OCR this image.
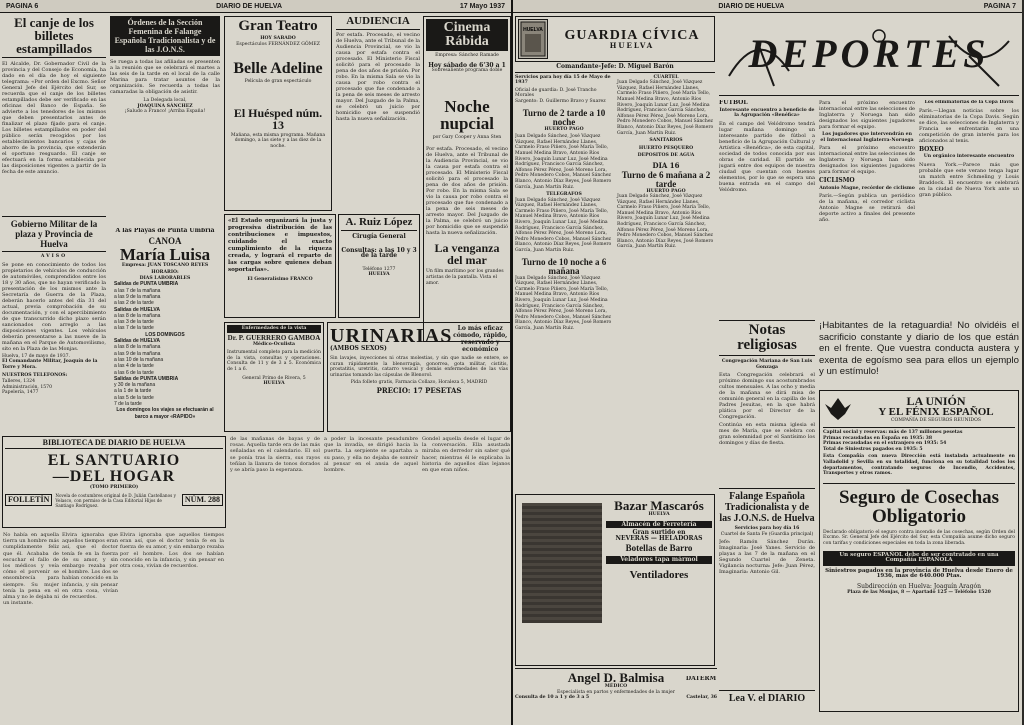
PAGINA 6	DIARIO DE HUELVA	17 Mayo 1937
El canje de los billetes estampillados
El Alcalde, Dr. Gobernador Civil de la provincia y del Consejo de Economía, ha dado en el día de hoy el siguiente telegrama: «Por orden del Excmo. Señor General Jefe del Ejército del Sur, se recuerda que el canje de los billetes estampillados debe ser verificado en las oficinas del Banco de España. Se advierte a los tenedores de los mismos que deben presentarlos antes de finalizar el plazo fijado para el canje. Los billetes estampillados en poder del público serán recogidos por los establecimientos bancarios y cajas de ahorro de la provincia, que extenderán el oportuno resguardo. El canje se efectuará en la forma establecida por las disposiciones vigentes a partir de la fecha de este anuncio.
Órdenes de la Sección Femenina de Falange Española Tradicionalista y de las J.O.N.S.
Se ruega a todas las afiliadas se presenten a la reunión que se celebrará el martes a las seis de la tarde en el local de la calle Marina para tratar asuntos de la organización. Se recuerda a todas las camaradas la obligación de asistir.
La Delegada local,
JOAQUINA SÁNCHEZ
¡Saludo a Franco! ¡Arriba España!
Gran Teatro
HOY SABADO
Espectáculos FERNÁNDEZ GÓMEZ
Belle Adeline
Película de gran espectáculo
El Huésped núm. 13
Mañana, esta misma programa. Mañana domingo, a las siete y a las diez de la noche.
AUDIENCIA
Por estafa. Procesado, el vecino de Huelva, ante el Tribunal de la Audiencia Provincial, se vio la causa por estafa contra el procesado. El Ministerio Fiscal solicitó para el procesado la pena de dos años de prisión. Por robo. En la misma Sala se vio la causa por robo contra el procesado que fue condenado a la pena de seis meses de arresto mayor. Del Juzgado de la Palma, se celebró un juicio por homicidio que se suspendió hasta la nueva señalización.
Cinema Rábida
Empresa: Sánchez Ramade
Hoy sábado de 6'30 a 1
Sobresaliente programa doble
Noche nupcial
por Gary Cooper y Anna Sten
Por estafa. Procesado, el vecino de Huelva, ante el Tribunal de la Audiencia Provincial, se vio la causa por estafa contra el procesado. El Ministerio Fiscal solicitó para el procesado la pena de dos años de prisión. Por robo. En la misma Sala se vio la causa por robo contra el procesado que fue condenado a la pena de seis meses de arresto mayor. Del Juzgado de la Palma, se celebró un juicio por homicidio que se suspendió hasta la nueva señalización.
La venganza del mar
Un film marítimo por los grandes artistas de la pantalla. Vista el amor.
A las Playas de Punta Umbría
CANOA
María Luisa
Empresa: JUAN TOSCANO REYES
HORARIO:
DIAS LABORABLES
Salidas de PUNTA UMBRIA
a las 7 de la mañana
a las 9 de la mañana
a las 2 de la tarde
Salidas de HUELVA
a las 8 de la mañana
a las 3 de la tarde
a las 7 de la tarde
LOS DOMINGOS
Salidas de HUELVA
a las 8 de la mañana
a las 9 de la mañana
a las 10 de la mañana
a las 4 de la tarde
a las 6 de la tarde
Salidas de PUNTA UMBRIA
y 30 de la mañana
a la 1 de la tarde
a las 5 de la tarde
7 de la tarde
Los domingos los viajes se efectuarán al barco a mayor «RAPIDO»
Gobierno Militar de la plaza y Provincia de Huelva
AVISO
Se pone en conocimiento de todos los propietarios de vehículos de conducción de automóviles, comprendidos entre los 18 y 30 años, que no hayan verificado la presentación de los mismos ante la Secretaría de Guerra de la Plaza, deberán hacerlo antes del día 31 del actual, previa comprobación de su documentación, y con el apercibimiento de que transcurrido dicho plazo serán sancionados con arreglo a las disposiciones vigentes. Los vehículos deberán presentarse a las nueve de la mañana en el Parque de Automovilismo, sito en la Plaza de las Monjas.
Huelva, 17 de mayo de 1937.
El Comandante Militar, Joaquín de la Torre y Mora.
NUESTROS TELEFONOS:
Talleres, 1324
Administración, 1570
Papelería, 1477
«El Estado organizará la justa y progresiva distribución de las contribuciones e impuestos, cuidando el exacto cumplimiento de la riqueza creada, y logrará el reparto de las cargas sobre quienes deban soportarlas».
El Generalísimo FRANCO
A. Ruiz López
Cirugía General
Consultas: a las 10 y 3 de la tarde
Teléfono 1277
HUELVA
Enfermedades de la vista
Dr. P. GUERRERO GAMBOA
Médico-Oculista
Instrumental completo para la medición de la vista, consultas y operaciones. Consulta de 11 y de 3 a 5. Económica de 1 a 6.
General Primo de Rivera, 5
HUELVA
URINARIAS
(AMBOS SEXOS)
Lo más eficaz cómodo, rápido, reservado y económico
Sin lavajes, inyecciones ni otras molestias, y sin que nadie se entere, se curan rápidamente la blenorragia, gonorrea, gota militar, cistitis, prostatitis, uretritis, catarro vesical y demás enfermedades de las vías urinarias tomando las cápsulas de Blenorol.
Pida folleto gratis, Farmacia Collazo, Horaleza 5, MADRID
PRECIO: 17 PESETAS
BIBLIOTECA DE DIARIO DE HUELVA
EL SANTUARIO
—DEL HOGAR
(TOMO PRIMERO)
FOLLETÍN	Novela de costumbres original de D. Julián Castellanos y Velasco, con permiso de la Casa Editorial Hijos de Santiago Rodríguez.
NÚM. 288
No había en aquella tierra un hombre más cumplidamente feliz que él. Acababa de escuchar el fallo de los médicos y veía cómo el porvenir se ensombrecía para siempre. Su mujer tenía la pena en el alma y no le dejaba ni un instante.
Elvira ignoraba que aquellos tiempos eran así, que el doctor tenía fe en la fuerza de su amor, y sin embargo rezaba por el hombre. Los dos se habían conocido en la infancia, y sin pensar en otra cosa, vivían de recuerdos.
Elvira ignoraba que aquellos tiempos eran así, que el doctor tenía fe en la fuerza de su amor, y sin embargo rezaba por el hombre. Los dos se habían conocido en la infancia, y sin pensar en otra cosa, vivían de recuerdos.
de las mañanas de bayas y de rosas. Aquella tarde era de las más señaladas en el calendario. El sol se ponía tras la sierra, sus rayos teñían la llanura de tonos dorados y se abría paso la esperanza.
a poder la incesante pesadumbre que la invadía, se dirigió hacia la puerta. La serpiente se apartaba a su paso, y ella no dejaba de sonreír al pensar en el ansia de aquel hombre.
Gondel aquella desde el lugar de la conversación. Ella asustada miraba en derredor sin saber qué hacer, mientras él le explicaba la historia de aquellos días lejanos en que eran niños.
DIARIO DE HUELVA	PAGINA 7
HUELVA	GUARDIA CÍVICA
HUELVA
Comandante-Jefe: D. Miguel Barón
Servicios para hoy día 15 de Mayo de 1937
Oficial de guardia: D. José Trancho Morales
Sargento: D. Guillermo Bravo y Suarez
Turno de 2 tarde a 10 noche
HUERTO PAGO
Juan Delgado Sánchez, José Vázquez Vázquez, Rafael Hernández Llanes, Carmelo Fraso Piñero, José María Tello, Manuel Medina Bravo, Antonio Ríos Rivero, Joaquín Lunar Luz, José Medina Rodríguez, Francisco García Sánchez, Alfonso Pérez Pérez, José Moreno Lora, Pedro Monedero Cobos, Manuel Sánchez Blanco, Antonio Díaz Reyes, José Romero García, Juan Martín Ruiz.
TELEGRAFOS
Juan Delgado Sánchez, José Vázquez Vázquez, Rafael Hernández Llanes, Carmelo Fraso Piñero, José María Tello, Manuel Medina Bravo, Antonio Ríos Rivero, Joaquín Lunar Luz, José Medina Rodríguez, Francisco García Sánchez, Alfonso Pérez Pérez, José Moreno Lora, Pedro Monedero Cobos, Manuel Sánchez Blanco, Antonio Díaz Reyes, José Romero García, Juan Martín Ruiz.
Turno de 10 noche a 6 mañana
Juan Delgado Sánchez, José Vázquez Vázquez, Rafael Hernández Llanes, Carmelo Fraso Piñero, José María Tello, Manuel Medina Bravo, Antonio Ríos Rivero, Joaquín Lunar Luz, José Medina Rodríguez, Francisco García Sánchez, Alfonso Pérez Pérez, José Moreno Lora, Pedro Monedero Cobos, Manuel Sánchez Blanco, Antonio Díaz Reyes, José Romero García, Juan Martín Ruiz.
CUARTEL
Juan Delgado Sánchez, José Vázquez Vázquez, Rafael Hernández Llanes, Carmelo Fraso Piñero, José María Tello, Manuel Medina Bravo, Antonio Ríos Rivero, Joaquín Lunar Luz, José Medina Rodríguez, Francisco García Sánchez, Alfonso Pérez Pérez, José Moreno Lora, Pedro Monedero Cobos, Manuel Sánchez Blanco, Antonio Díaz Reyes, José Romero García, Juan Martín Ruiz.
SANITARIOS
HUERTO PESQUERO
DEPOSITOS DE AGUA
DIA 16
Turno de 6 mañana a 2 tarde
HUERTO PAGO
Juan Delgado Sánchez, José Vázquez Vázquez, Rafael Hernández Llanes, Carmelo Fraso Piñero, José María Tello, Manuel Medina Bravo, Antonio Ríos Rivero, Joaquín Lunar Luz, José Medina Rodríguez, Francisco García Sánchez, Alfonso Pérez Pérez, José Moreno Lora, Pedro Monedero Cobos, Manuel Sánchez Blanco, Antonio Díaz Reyes, José Romero García, Juan Martín Ruiz.
DEPORTES
FUTBOL
Interesante encuentro a beneficio de la Agrupación «Benéfica»
En el campo del Velódromo tendrá lugar mañana domingo un interesante partido de fútbol a beneficio de la Agrupación Cultural y Artística «Benéfica», de esta capital, sociedad de todos conocida por sus obras de caridad. El partido se jugará entre dos equipos de nuestra ciudad que cuentan con buenos elementos, por lo que se espera una buena entrada en el campo del Velódromo.
Para el próximo encuentro internacional entre las selecciones de Inglaterra y Noruega han sido designados los siguientes jugadores para formar el equipo.
Los jugadores que intervendrán en el Internacional Inglaterra-Noruega
Para el próximo encuentro internacional entre las selecciones de Inglaterra y Noruega han sido designados los siguientes jugadores para formar el equipo.
CICLISMO
Antonio Magne, recórdor de ciclismo
París.—Según publica un periódico de la mañana, el corredor ciclista Antonio Magne se retirará del deporte activo a finales del presente año.
Los eliminatorias de la Copa Davis
París.—Llegan noticias sobre los eliminatorias de la Copa Davis. Según se dice, las selecciones de Inglaterra y Francia se enfrentarán en una competición de gran interés para los aficionados al tenis.
BOXEO
Un orgánico interesante encuentro
Nueva York.—Parece más que probable que este verano tenga lugar un match entre Schmeling y Louis Braddock. El encuentro se celebrará en la ciudad de Nueva York ante un gran público.
Notas religiosas
Congregación Mariana de San Luis Gonzaga
Esta Congregación celebrará el próximo domingo sus acostumbrados cultos mensuales. A las ocho y media de la mañana se dirá misa de comunión general en la capilla de los Padres Jesuitas, en la que habrá plática por el Director de la Congregación.
Continúa en esta misma iglesia el mes de María, que se celebra con gran solemnidad por el Santísimo los domingos y días de fiesta.
¡Habitantes de la retaguardia! No olvidéis el sacrificio constante y diario de los que están en el frente. Que vuestra conducta austera y exenta de egoísmo sea para ellos un ejemplo y un estímulo!
LA UNIÓN
Y EL FÉNIX ESPAÑOL
COMPAÑÍA DE SEGUROS REUNIDOS
Capital social y reservas: más de 137 millones pesetas
Primas recaudadas en España en 1935: 38
Primas recaudadas en el extranjero en 1935: 54
Total de Siniestros pagados en 1935: 5
Esta Compañía con nueva Dirección está instalada actualmente en Valladolid y Sevilla en su totalidad, funciona en su totalidad todos los departamentos, contratando seguros de Incendio, Accidentes, Transportes y otros ramos.
Seguro de Cosechas
Obligatorio
Declarado obligatorio el seguro contra incendio de las cosechas, según Orden del Excmo. Sr. General Jefe del Ejército del Sur, esta Compañía asume dicho seguro con tarifas y condiciones especiales en toda la zona liberada.
Un seguro ESPAÑOL debe de ser contratado en una Compañía ESPAÑOLA
Siniestros pagados en la provincia de Huelva desde Enero de 1936, más de 640.000 Ptas.
Subdirección en Huelva: Joaquín Aragón
Plaza de las Monjas, 8 — Apartado 125 — Teléfono 1520
Falange Española Tradicionalista y de las J.O.N.S. de Huelva
Servicios para hoy día 16
Cuartel de Santa Fe (Guardia principal)
Jefe: Ramón Sánchez Durán. Imaginaria: José Yanes. Servicio de playas a las 7 de la mañana en el Segundo Cuartel de Zeneta. Vigilancia nocturna: Jefe: Juan Pérez, Imaginaria: Antonio Gil.
Bazar Mascarós
HUELVA
Almacén de Ferretería
Gran surtido en
NEVERAS — HELADORAS
Botellas de Barro
Veladores tapa mármol
Ventiladores
Angel D. Balmisa
MÉDICO
Especialista en partos y enfermedades de la mujer
Consulta de 10 a 1 y de 3 a 5	Castelar, 36	Lea V. el DIARIO
DATERM
